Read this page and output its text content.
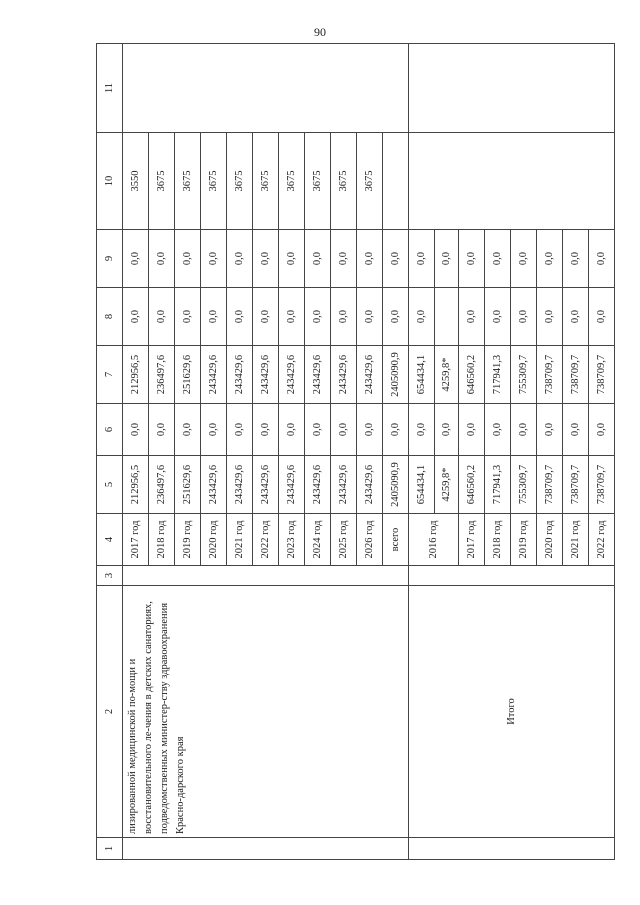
90
1	2	3	4	5	6	7	8	9	10	11
	лизированной медицинской по-мощи и восстановительного ле-чения в детских санаториях, подведомственных министер-ству здравоохранения Красно-дарского края		2017 год	212956,5	0,0	212956,5	0,0	0,0	3550	
			2018 год	236497,6	0,0	236497,6	0,0	0,0	3675	
			2019 год	251629,6	0,0	251629,6	0,0	0,0	3675	
			2020 год	243429,6	0,0	243429,6	0,0	0,0	3675	
			2021 год	243429,6	0,0	243429,6	0,0	0,0	3675	
			2022 год	243429,6	0,0	243429,6	0,0	0,0	3675	
			2023 год	243429,6	0,0	243429,6	0,0	0,0	3675	
			2024 год	243429,6	0,0	243429,6	0,0	0,0	3675	
			2025 год	243429,6	0,0	243429,6	0,0	0,0	3675	
			2026 год	243429,6	0,0	243429,6	0,0	0,0	3675	
			всего	2405090,9	0,0	2405090,9	0,0	0,0		
	Итого		2016 год	654434,1	0,0	654434,1	0,0	0,0		
				4259,8*	0,0	4259,8*		0,0		
			2017 год	646560,2	0,0	646560,2	0,0	0,0		
			2018 год	717941,3	0,0	717941,3	0,0	0,0		
			2019 год	755309,7	0,0	755309,7	0,0	0,0		
			2020 год	738709,7	0,0	738709,7	0,0	0,0		
			2021 год	738709,7	0,0	738709,7	0,0	0,0		
			2022 год	738709,7	0,0	738709,7	0,0	0,0		
